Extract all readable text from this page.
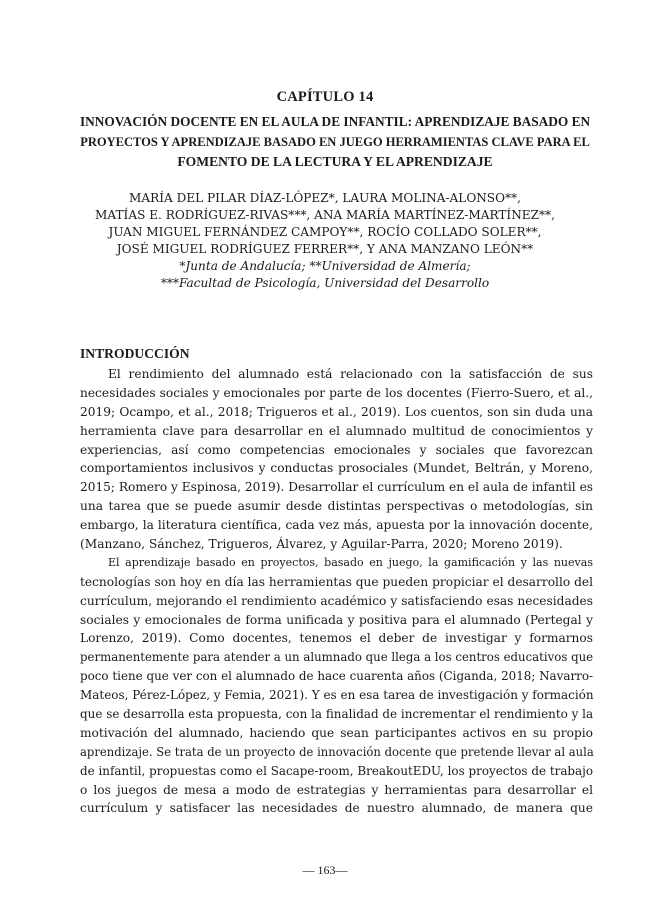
CAPÍTULO 14
INNOVACIÓN DOCENTE EN EL AULA DE INFANTIL: APRENDIZAJE BASADO EN
PROYECTOS Y APRENDIZAJE BASADO EN JUEGO HERRAMIENTAS CLAVE PARA EL
FOMENTO DE LA LECTURA Y EL APRENDIZAJE
MARÍA DEL PILAR DÍAZ-LÓPEZ*, LAURA MOLINA-ALONSO**,
MATÍAS E. RODRÍGUEZ-RIVAS***, ANA MARÍA MARTÍNEZ-MARTÍNEZ**,
JUAN MIGUEL FERNÁNDEZ CAMPOY**, ROCÍO COLLADO SOLER**,
JOSÉ MIGUEL RODRÍGUEZ FERRER**, Y ANA MANZANO LEÓN**
*Junta de Andalucía; **Universidad de Almería;
***Facultad de Psicología, Universidad del Desarrollo
INTRODUCCIÓN
El rendimiento del alumnado está relacionado con la satisfacción de sus
necesidades sociales y emocionales por parte de los docentes (Fierro-Suero, et al.,
2019; Ocampo, et al., 2018; Trigueros et al., 2019). Los cuentos, son sin duda una
herramienta clave para desarrollar en el alumnado multitud de conocimientos y
experiencias, así como competencias emocionales y sociales que favorezcan
comportamientos inclusivos y conductas prosociales (Mundet, Beltrán, y Moreno,
2015; Romero y Espinosa, 2019). Desarrollar el currículum en el aula de infantil es
una tarea que se puede asumir desde distintas perspectivas o metodologías, sin
embargo, la literatura científica, cada vez más, apuesta por la innovación docente,
(Manzano, Sánchez, Trigueros, Álvarez, y Aguilar-Parra, 2020; Moreno 2019).
El aprendizaje basado en proyectos, basado en juego, la gamificación y las nuevas
tecnologías son hoy en día las herramientas que pueden propiciar el desarrollo del
currículum, mejorando el rendimiento académico y satisfaciendo esas necesidades
sociales y emocionales de forma unificada y positiva para el alumnado (Pertegal y
Lorenzo, 2019). Como docentes, tenemos el deber de investigar y formarnos
permanentemente para atender a un alumnado que llega a los centros educativos que
poco tiene que ver con el alumnado de hace cuarenta años (Ciganda, 2018; Navarro-
Mateos, Pérez-López, y Femia, 2021). Y es en esa tarea de investigación y formación
que se desarrolla esta propuesta, con la finalidad de incrementar el rendimiento y la
motivación del alumnado, haciendo que sean participantes activos en su propio
aprendizaje. Se trata de un proyecto de innovación docente que pretende llevar al aula
de infantil, propuestas como el Sacape-room, BreakoutEDU, los proyectos de trabajo
o los juegos de mesa a modo de estrategias y herramientas para desarrollar el
currículum y satisfacer las necesidades de nuestro alumnado, de manera que
— 163—
